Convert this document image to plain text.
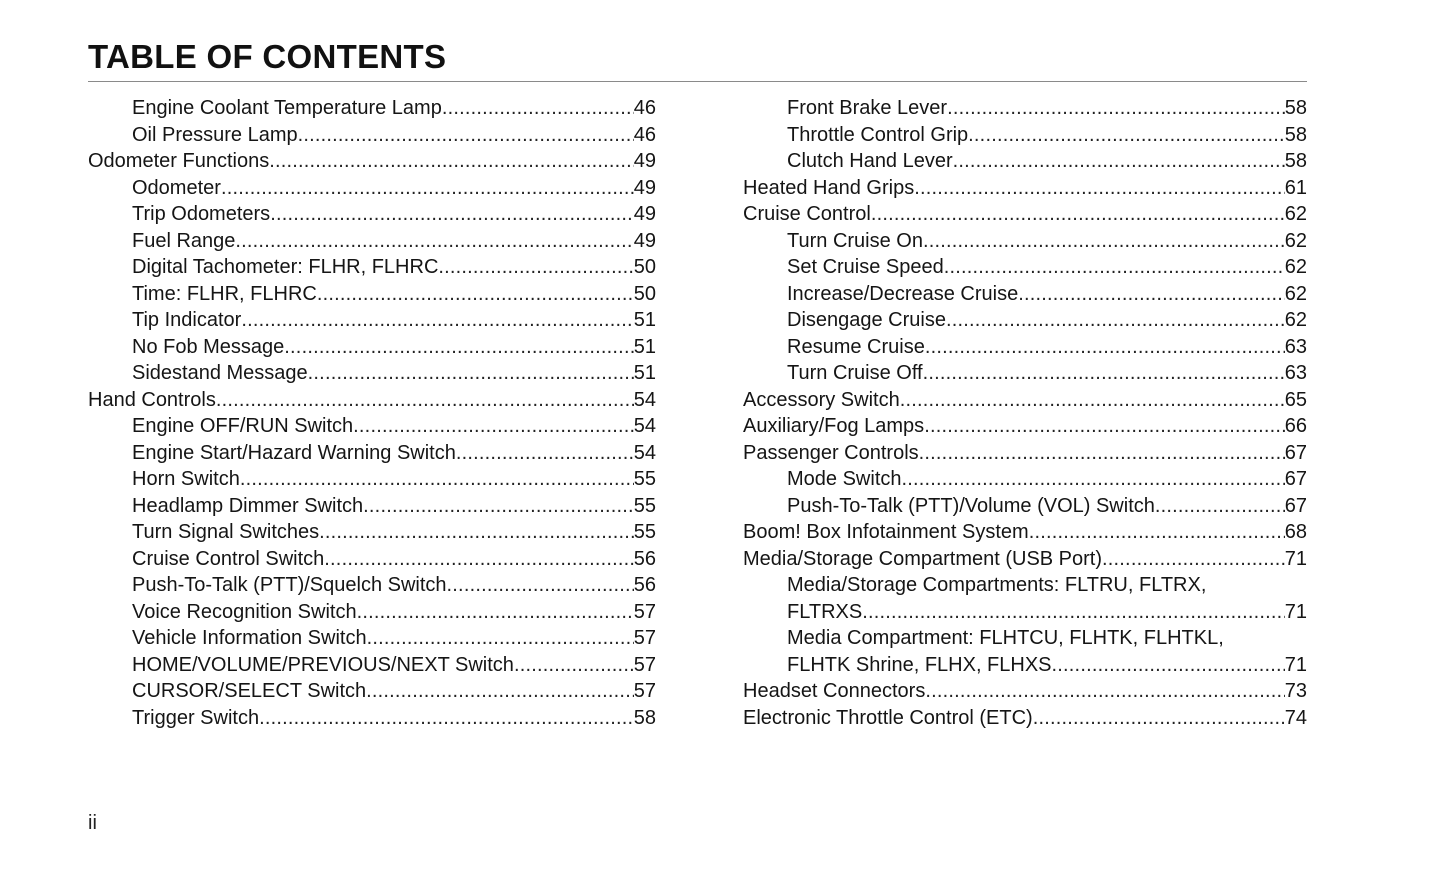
TABLE OF CONTENTS
Engine Coolant Temperature Lamp .....	46
Oil Pressure Lamp .....	46
Odometer Functions .....	49
Odometer .....	49
Trip Odometers .....	49
Fuel Range .....	49
Digital Tachometer: FLHR, FLHRC .....	50
Time: FLHR, FLHRC .....	50
Tip Indicator .....	51
No Fob Message .....	51
Sidestand Message .....	51
Hand Controls .....	54
Engine OFF/RUN Switch .....	54
Engine Start/Hazard Warning Switch .....	54
Horn Switch .....	55
Headlamp Dimmer Switch .....	55
Turn Signal Switches .....	55
Cruise Control Switch .....	56
Push-To-Talk (PTT)/Squelch Switch .....	56
Voice Recognition Switch .....	57
Vehicle Information Switch .....	57
HOME/VOLUME/PREVIOUS/NEXT Switch .....	57
CURSOR/SELECT Switch .....	57
Trigger Switch .....	58
Front Brake Lever .....	58
Throttle Control Grip .....	58
Clutch Hand Lever .....	58
Heated Hand Grips .....	61
Cruise Control .....	62
Turn Cruise On .....	62
Set Cruise Speed .....	62
Increase/Decrease Cruise .....	62
Disengage Cruise .....	62
Resume Cruise .....	63
Turn Cruise Off .....	63
Accessory Switch .....	65
Auxiliary/Fog Lamps .....	66
Passenger Controls .....	67
Mode Switch .....	67
Push-To-Talk (PTT)/Volume (VOL) Switch .....	67
Boom! Box Infotainment System .....	68
Media/Storage Compartment (USB Port) .....	71
Media/Storage Compartments: FLTRU, FLTRX,
FLTRXS .....	71
Media Compartment: FLHTCU, FLHTK, FLHTKL,
FLHTK Shrine, FLHX, FLHXS .....	71
Headset Connectors .....	73
Electronic Throttle Control (ETC) .....	74
ii
